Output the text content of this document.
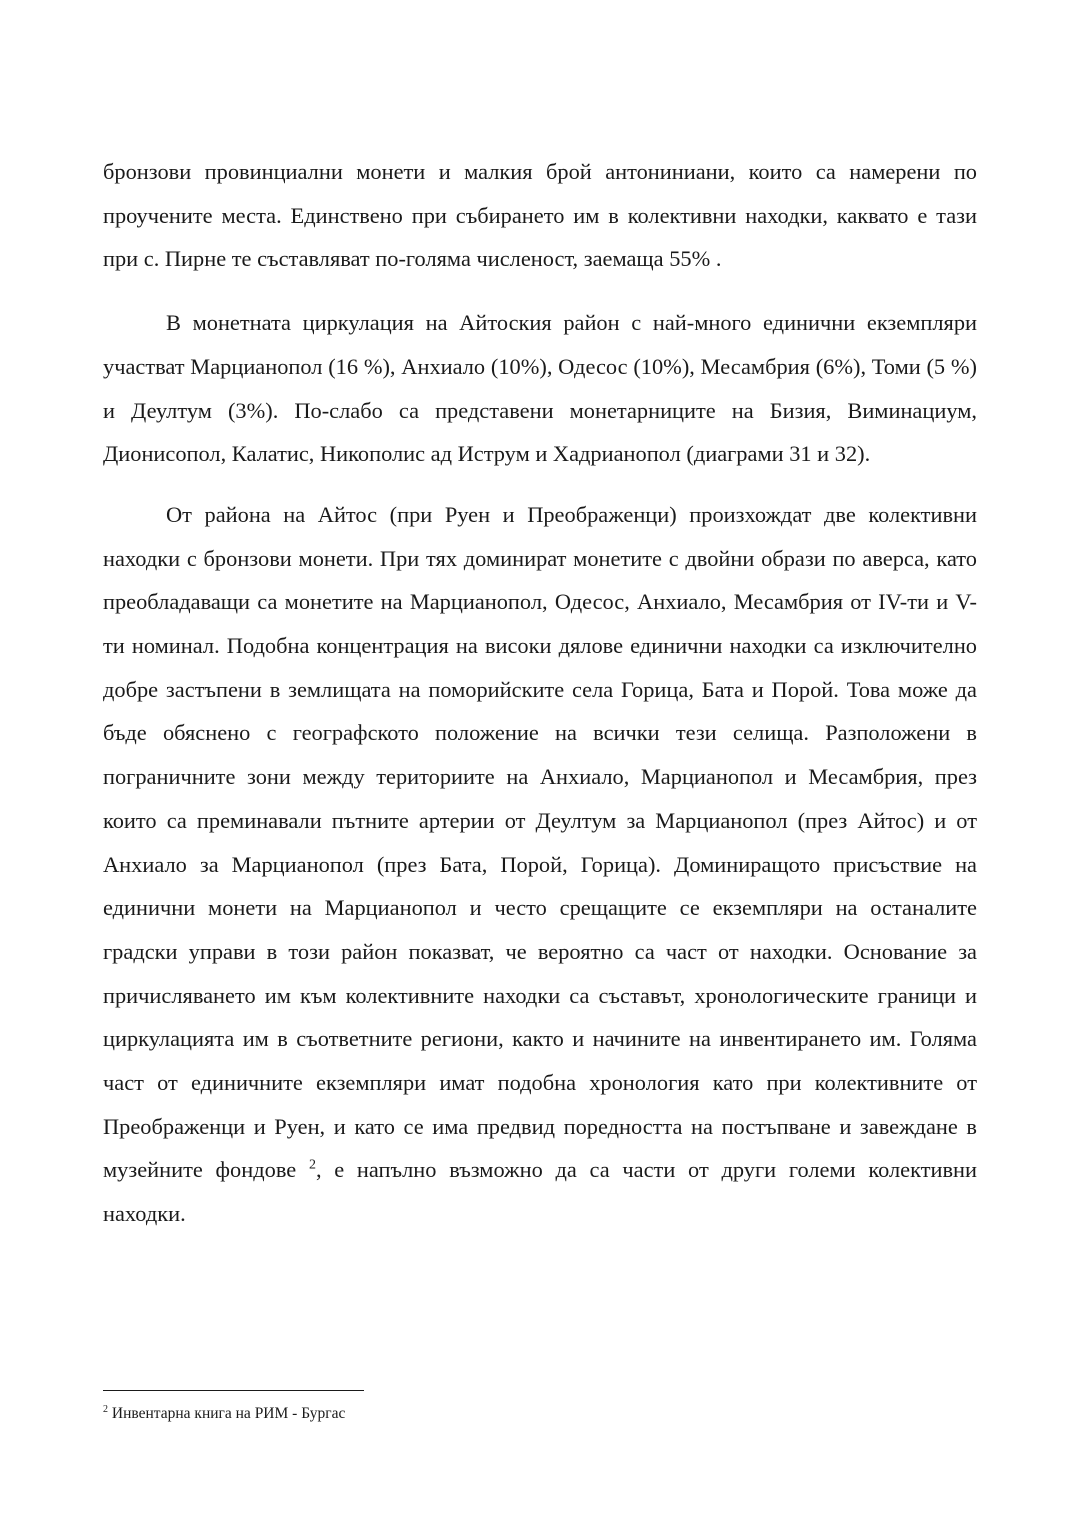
бронзови провинциални монети и малкия брой антониниани, които са намерени по проучените места. Единствено при събирането им в колективни находки, каквато е тази при с. Пирне те съставляват по-голяма численост, заемаща 55% .

В монетната циркулация на Айтоския район с най-много единични екземпляри участват Марцианопол (16 %), Анхиало (10%), Одесос (10%), Месамбрия (6%), Томи (5 %) и Деултум (3%). По-слабо са представени монетарниците на Бизия, Виминациум, Дионисопол, Калатис, Никополис ад Иструм и Хадрианопол (диаграми 31 и 32).

От района на Айтос (при Руен и Преображенци) произхождат две колективни находки с бронзови монети. При тях доминират монетите с двойни образи по аверса, като преобладаващи са монетите на Марцианопол, Одесос, Анхиало, Месамбрия от IV-ти и V-ти номинал. Подобна концентрация на високи дялове единични находки са изключително добре застъпени в землищата на поморийските села Горица, Бата и Порой. Това може да бъде обяснено с географското положение на всички тези селища. Разположени в пограничните зони между териториите на Анхиало, Марцианопол и Месамбрия, през които са преминавали пътните артерии от Деултум за Марцианопол (през Айтос) и от Анхиало за Марцианопол (през Бата, Порой, Горица). Доминиращото присъствие на единични монети на Марцианопол и често срещащите се екземпляри на останалите градски управи в този район показват, че вероятно са част от находки. Основание за причисляването им към колективните находки са съставът, хронологическите граници и циркулацията им в съответните региони, както и начините на инвентирането им. Голяма част от единичните екземпляри имат подобна хронология като при колективните от Преображенци и Руен, и като се има предвид поредността на постъпване и завеждане в музейните фондове $^2$, е напълно възможно да са части от други големи колективни находки.

$^2$ Инвентарна книга на РИМ - Бургас
